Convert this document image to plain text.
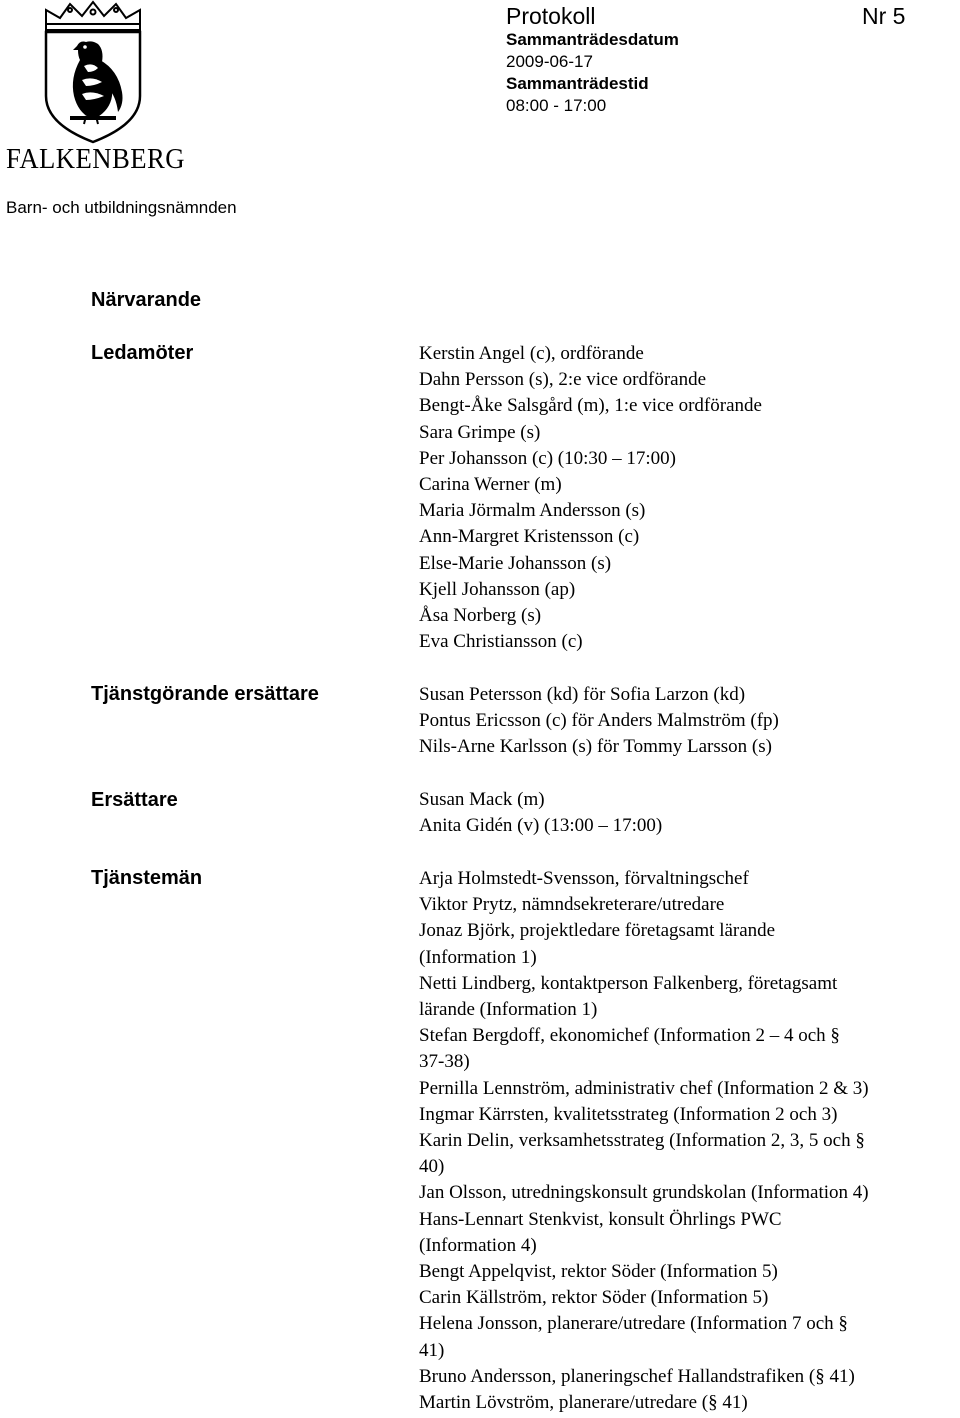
FALKENBERG
Barn- och utbildningsnämnden
Protokoll	Nr 5
Sammanträdesdatum
2009-06-17
Sammanträdestid
08:00 - 17:00
Närvarande
Ledamöter	Kerstin Angel (c), ordförande
Dahn Persson (s), 2:e vice ordförande
Bengt-Åke Salsgård (m), 1:e vice ordförande
Sara Grimpe (s)
Per Johansson (c) (10:30 – 17:00)
Carina Werner (m)
Maria Jörmalm Andersson (s)
Ann-Margret Kristensson (c)
Else-Marie Johansson (s)
Kjell Johansson (ap)
Åsa Norberg (s)
Eva Christiansson (c)
Tjänstgörande ersättare	Susan Petersson (kd) för Sofia Larzon (kd)
Pontus Ericsson (c) för Anders Malmström (fp)
Nils-Arne Karlsson (s) för Tommy Larsson (s)
Ersättare	Susan Mack (m)
Anita Gidén (v) (13:00 – 17:00)
Tjänstemän	Arja Holmstedt-Svensson, förvaltningschef
Viktor Prytz, nämndsekreterare/utredare
Jonaz Björk, projektledare företagsamt lärande
(Information 1)
Netti Lindberg, kontaktperson Falkenberg, företagsamt
lärande (Information 1)
Stefan Bergdoff, ekonomichef (Information 2 – 4 och §
37-38)
Pernilla Lennström, administrativ chef (Information 2 & 3)
Ingmar Kärrsten, kvalitetsstrateg (Information 2 och 3)
Karin Delin, verksamhetsstrateg (Information 2, 3, 5 och §
40)
Jan Olsson, utredningskonsult grundskolan (Information 4)
Hans-Lennart Stenkvist, konsult Öhrlings PWC
(Information 4)
Bengt Appelqvist, rektor Söder (Information 5)
Carin Källström, rektor Söder (Information 5)
Helena Jonsson, planerare/utredare (Information 7 och §
41)
Bruno Andersson, planeringschef Hallandstrafiken (§ 41)
Martin Lövström, planerare/utredare (§ 41)
